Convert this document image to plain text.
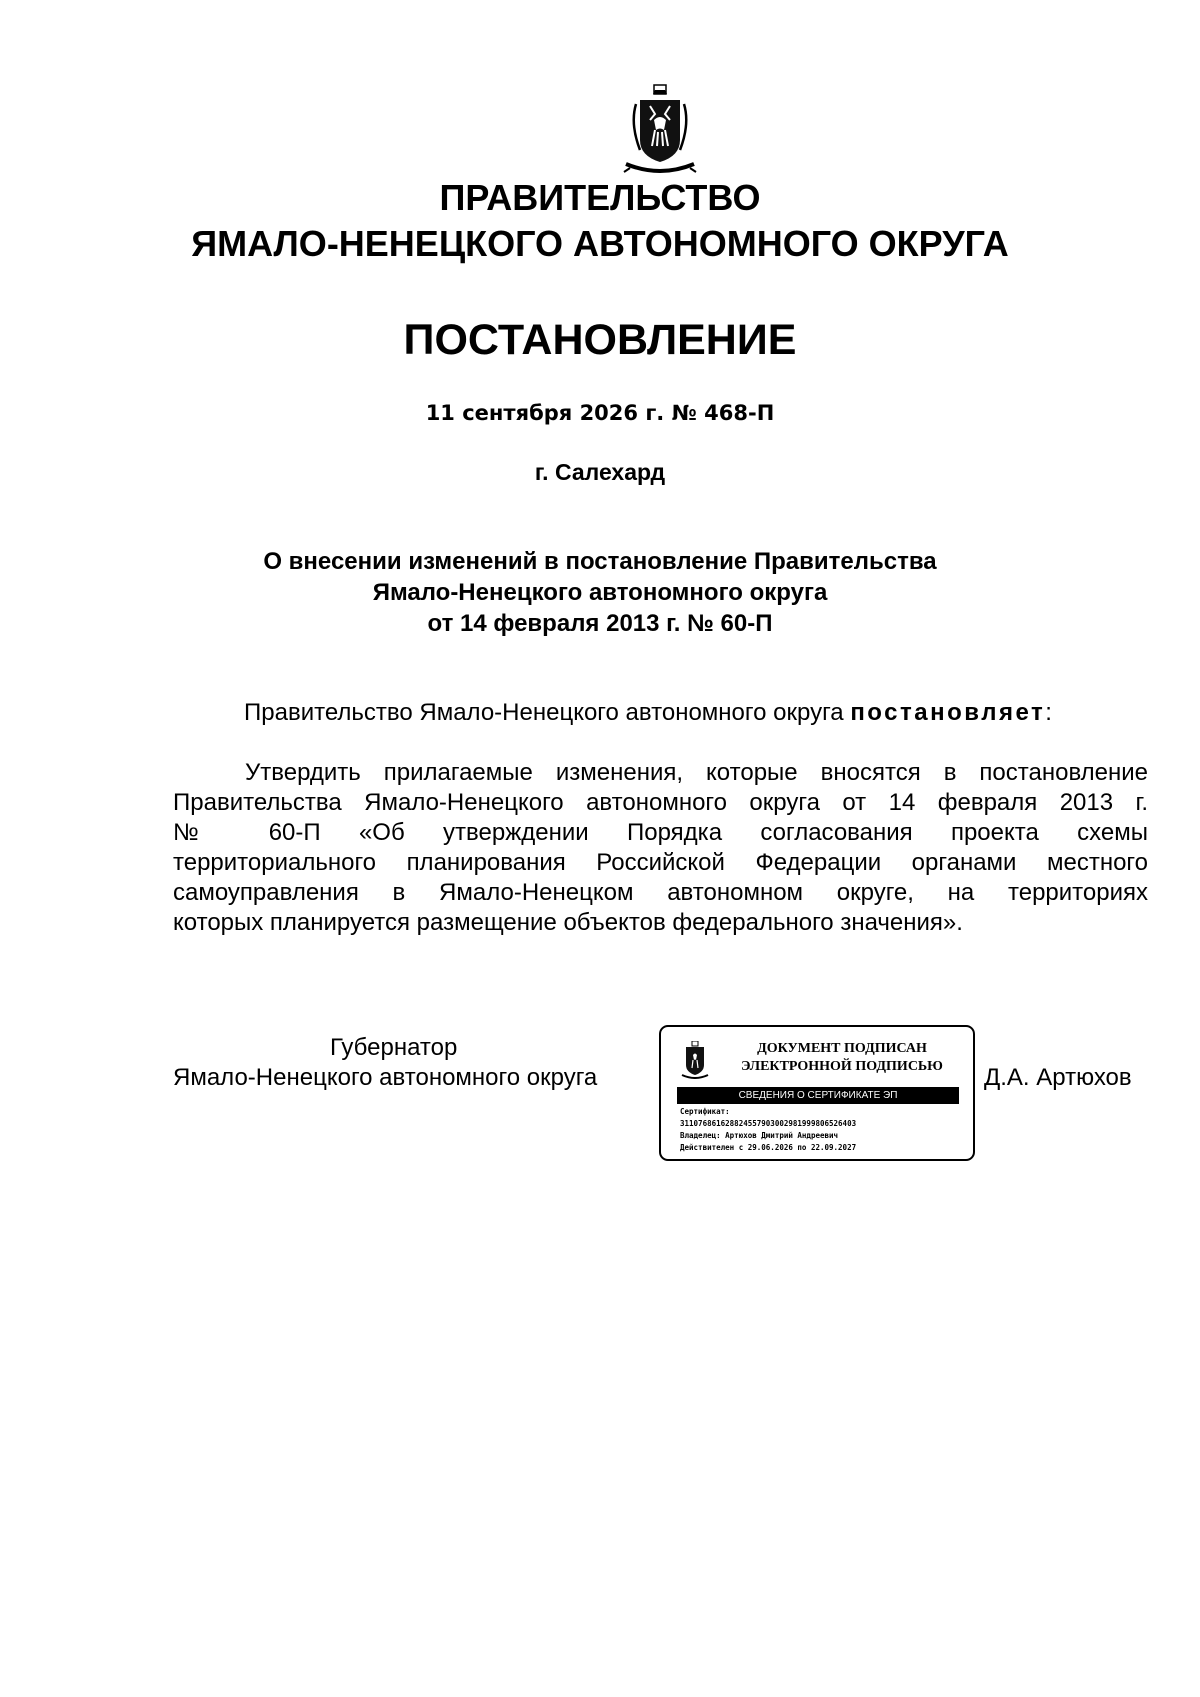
ПРАВИТЕЛЬСТВО
ЯМАЛО-НЕНЕЦКОГО АВТОНОМНОГО ОКРУГА
ПОСТАНОВЛЕНИЕ
11 сентября 2026 г. № 468-П
г. Салехард
О внесении изменений в постановление Правительства
Ямало-Ненецкого автономного округа
от 14 февраля 2013 г. № 60-П
Правительство Ямало-Ненецкого автономного округа постановляет:
Утвердить прилагаемые изменения, которые вносятся в постановление
Правительства Ямало-Ненецкого автономного округа от 14 февраля 2013 г.
№ 60-П «Об утверждении Порядка согласования проекта схемы
территориального планирования Российской Федерации органами местного
самоуправления в Ямало-Ненецком автономном округе, на территориях
которых планируется размещение объектов федерального значения».
Губернатор
Ямало-Ненецкого автономного округа
ДОКУМЕНТ ПОДПИСАН
ЭЛЕКТРОННОЙ ПОДПИСЬЮ
СВЕДЕНИЯ О СЕРТИФИКАТЕ ЭП
Сертификат:
311076861628824557903002981999806526403
Владелец: Артюхов Дмитрий Андреевич
Действителен с 29.06.2026 по 22.09.2027
Д.А. Артюхов
